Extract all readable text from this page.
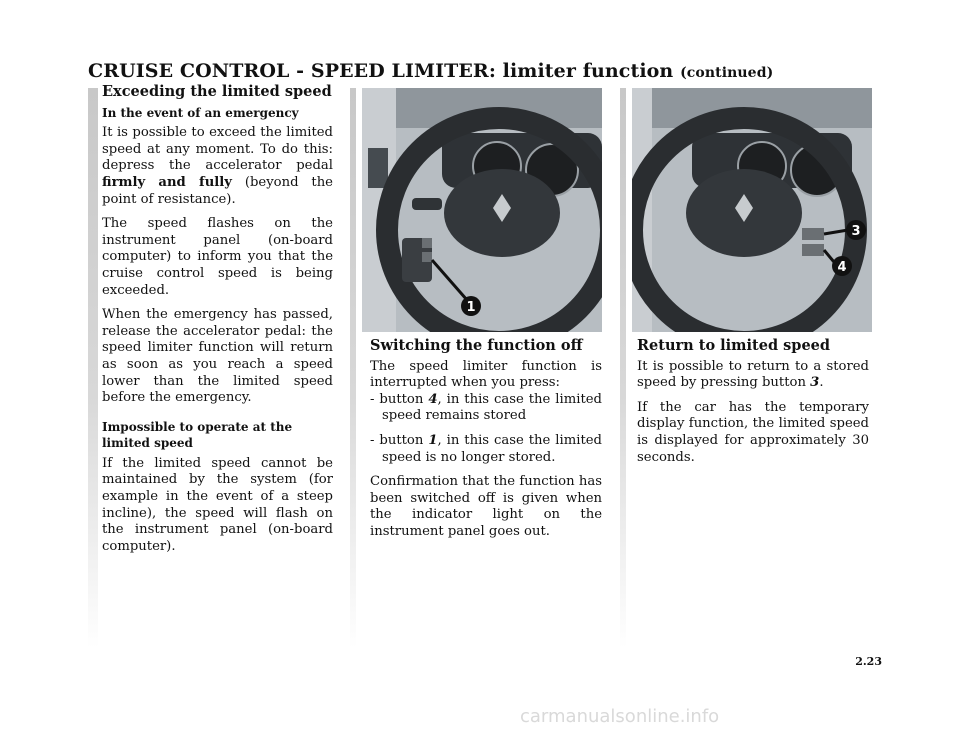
CRUISE CONTROL - SPEED LIMITER: limiter function (continued)
Exceeding the limited speed
In the event of an emergency

It is possible to exceed the limited speed at any moment. To do this: depress the accelerator pedal firmly and fully (beyond the point of resistance).

The speed flashes on the instrument panel (on-board computer) to inform you that the cruise control speed is being exceeded.

When the emergency has passed, release the accelerator pedal: the speed limiter function will return as soon as you reach a speed lower than the limited speed before the emergency.

Impossible to operate at the limited speed

If the limited speed cannot be maintained by the system (for example in the event of a steep incline), the speed will flash on the instrument panel (on-board computer).

1
3
4
Switching the function off

The speed limiter function is interrupted when you press:

- button 4, in this case the limited speed remains stored

- button 1, in this case the limited speed is no longer stored.

Confirmation that the function has been switched off is given when the indicator light on the instrument panel goes out.

Return to limited speed

It is possible to return to a stored speed by pressing button 3.

If the car has the temporary display function, the limited speed is displayed for approximately 30 seconds.

2.23
carmanualsonline.info
